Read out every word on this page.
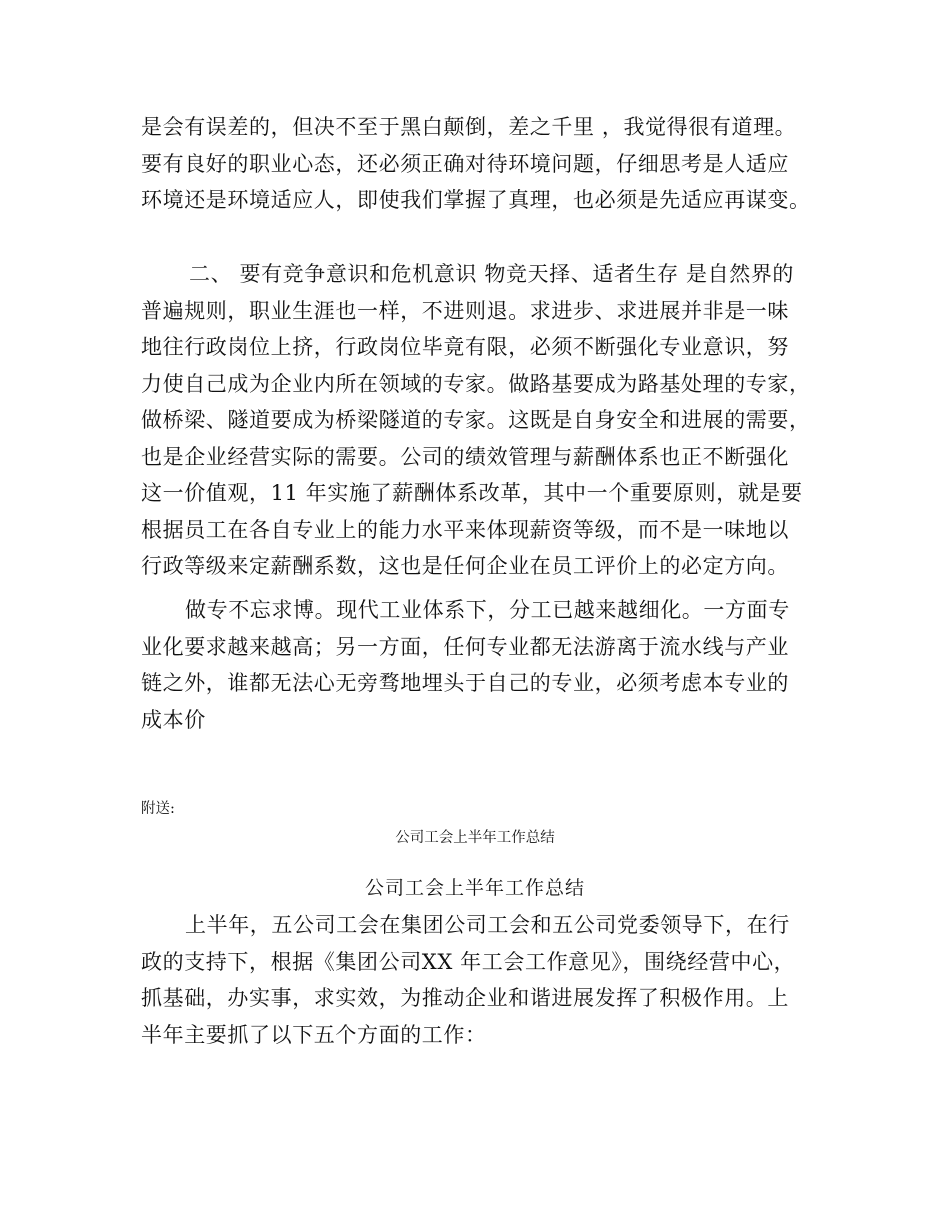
是会有误差的，但决不至于黑白颠倒，差之千里 ，我觉得很有道理。
要有良好的职业心态，还必须正确对待环境问题，仔细思考是人适应
环境还是环境适应人，即使我们掌握了真理，也必须是先适应再谋变。
二、 要有竞争意识和危机意识 物竞天择、适者生存 是自然界的
普遍规则，职业生涯也一样，不进则退。求进步、求进展并非是一味
地往行政岗位上挤，行政岗位毕竟有限，必须不断强化专业意识，努
力使自己成为企业内所在领域的专家。做路基要成为路基处理的专家，
做桥梁、隧道要成为桥梁隧道的专家。这既是自身安全和进展的需要，
也是企业经营实际的需要。公司的绩效管理与薪酬体系也正不断强化
这一价值观，11 年实施了薪酬体系改革，其中一个重要原则，就是要
根据员工在各自专业上的能力水平来体现薪资等级，而不是一味地以
行政等级来定薪酬系数，这也是任何企业在员工评价上的必定方向。
做专不忘求博。现代工业体系下，分工已越来越细化。一方面专
业化要求越来越高；另一方面，任何专业都无法游离于流水线与产业
链之外，谁都无法心无旁骛地埋头于自己的专业，必须考虑本专业的
成本价
附送:
公司工会上半年工作总结
公司工会上半年工作总结
上半年，五公司工会在集团公司工会和五公司党委领导下，在行
政的支持下，根据《集团公司XX 年工会工作意见》，围绕经营中心，
抓基础，办实事，求实效，为推动企业和谐进展发挥了积极作用。上
半年主要抓了以下五个方面的工作：
